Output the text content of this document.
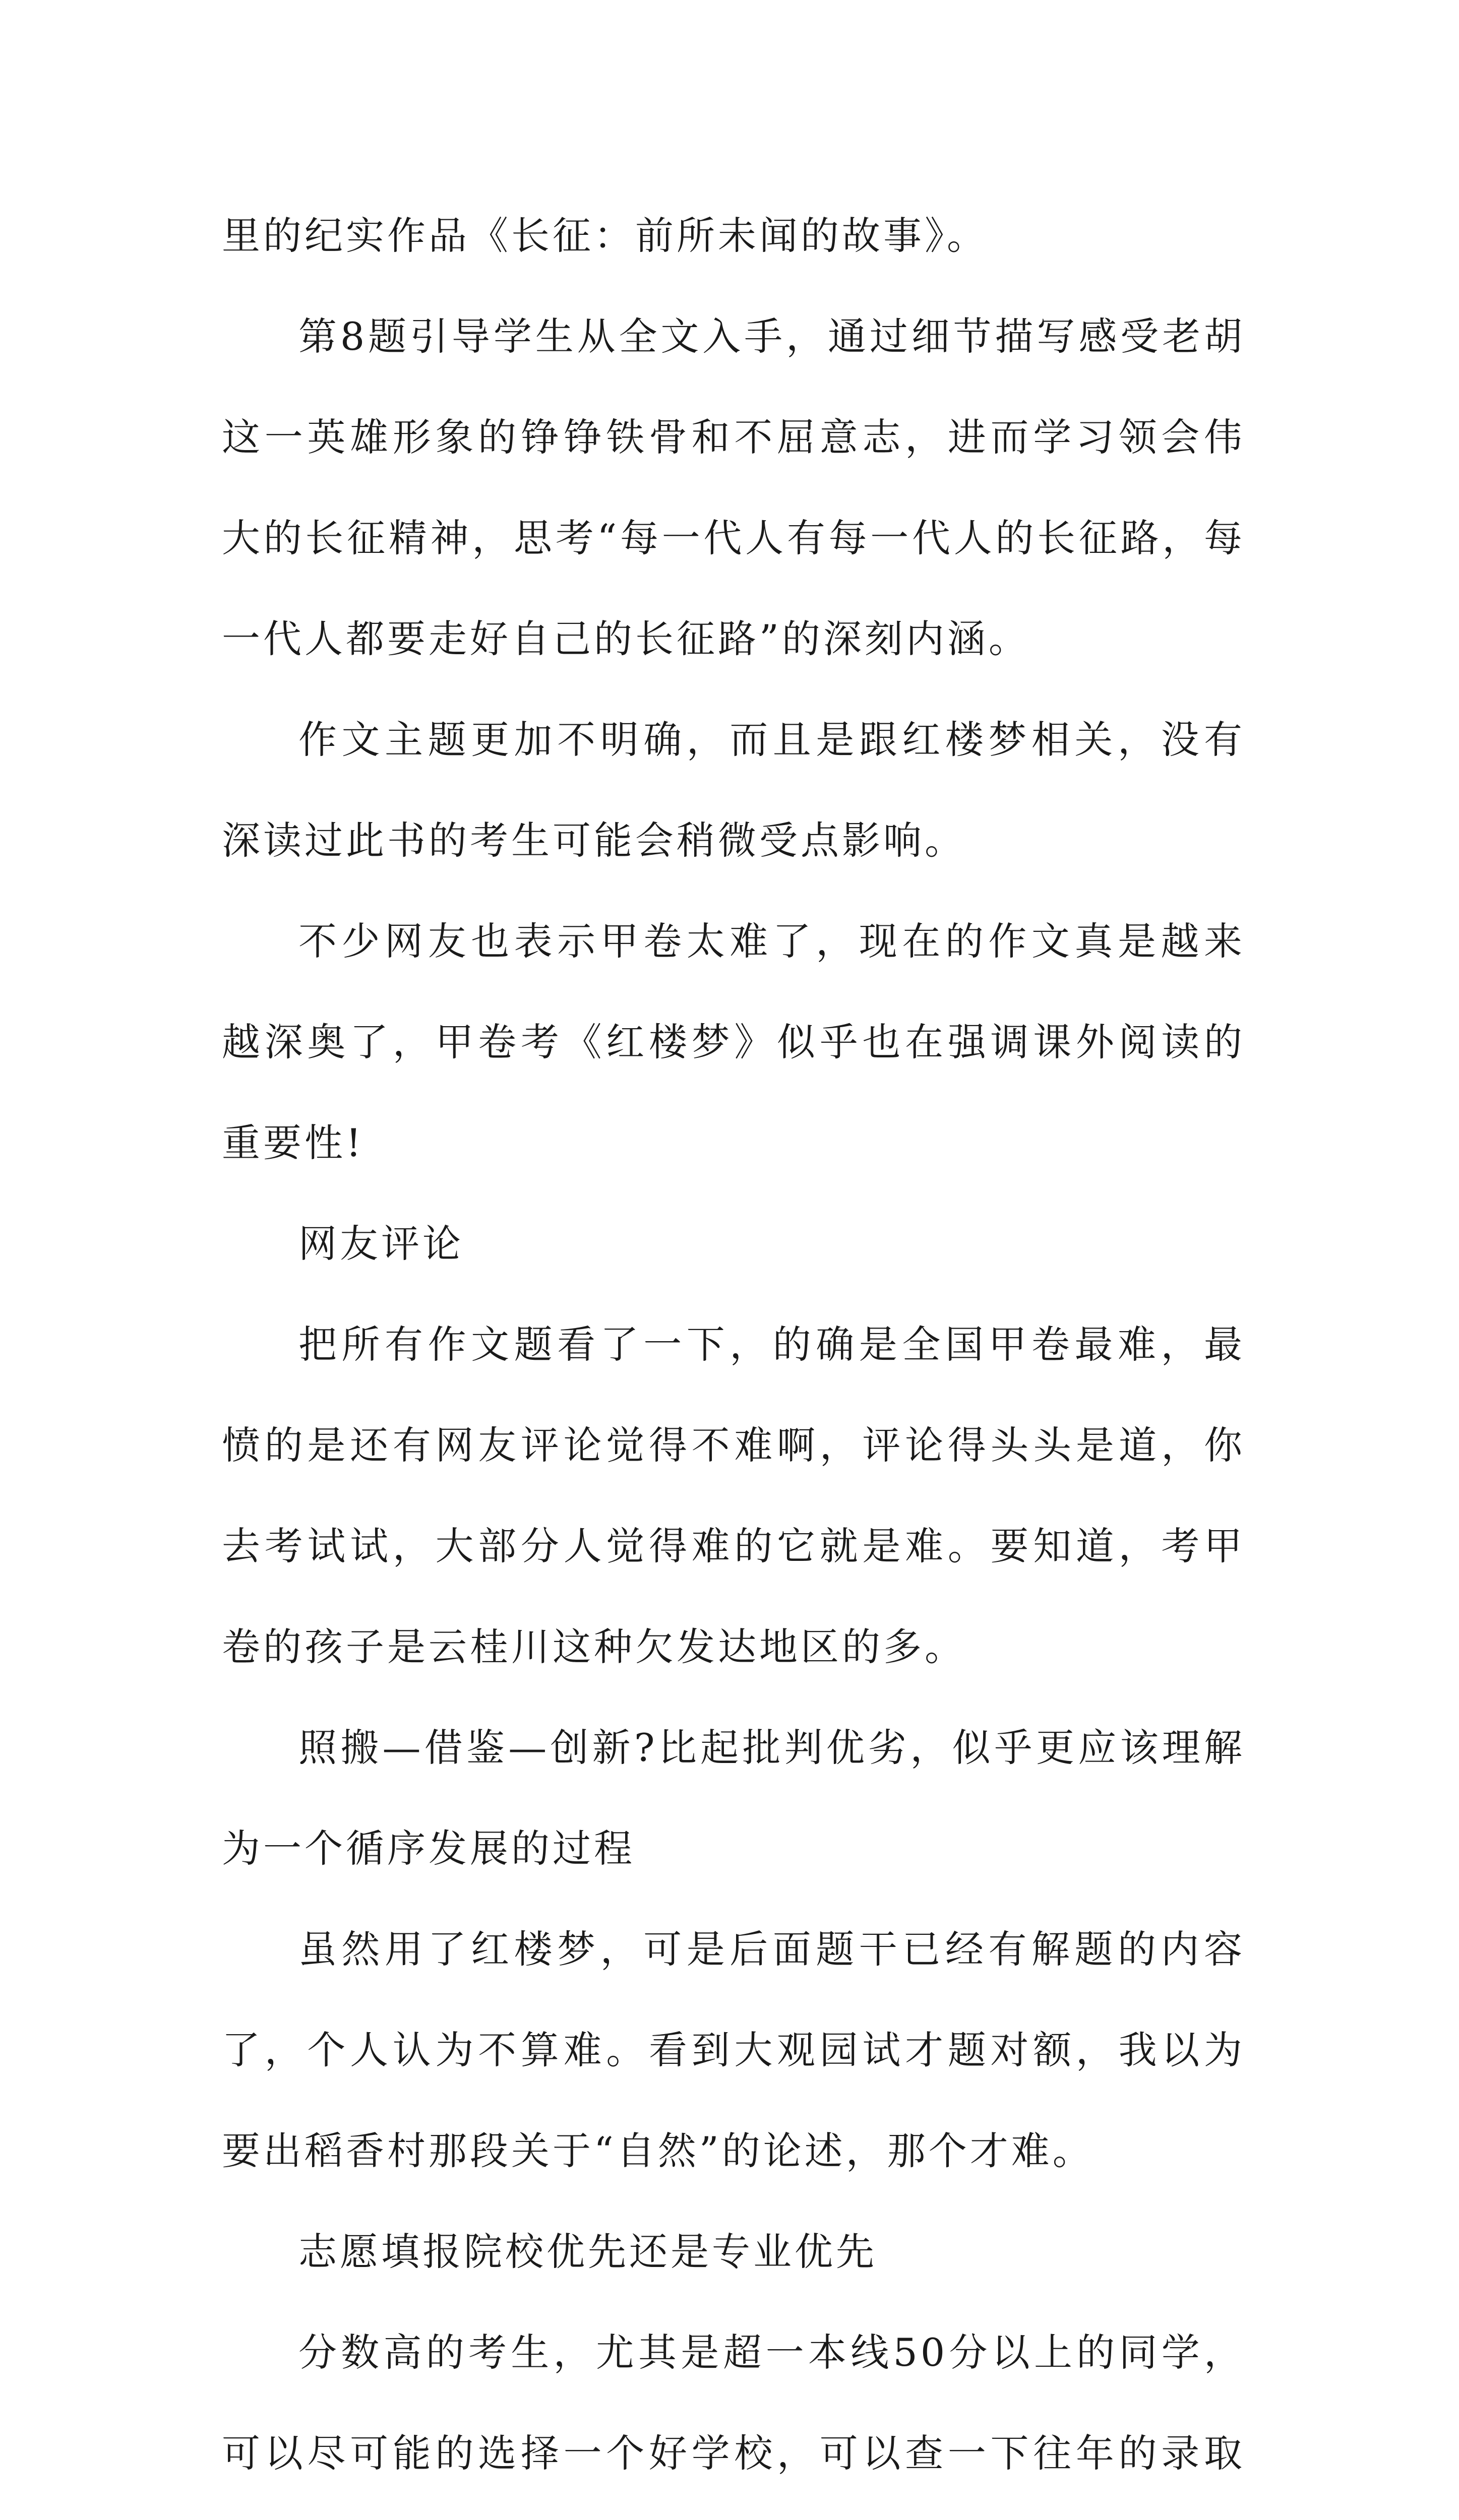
里的纪实作品《长征：前所未闻的故事》。

第8题引导学生从全文入手，通过细节描写感受老胡这一英雄形象的铮铮铁骨和不屈意志，进而学习领会伟大的长征精神，思考“每一代人有每一代人的长征路，每一代人都要走好自己的长征路”的深刻内涵。

作文主题更加不明确，而且是跟红楼梦相关，没有深读过此书的考生可能会稍微受点影响。

不少网友也表示甲卷太难了，现在的作文真是越来越深奥了，甲卷考《红楼梦》似乎也在强调课外阅读的重要性!

网友评论

把所有作文题看了一下，的确是全国甲卷最难，最愤的是还有网友评论觉得不难啊，评论得头头是道，你去考试试，大部分人觉得难的它就是难。要知道，考甲卷的孩子是云桂川这种欠发达地区的多。

照搬—借鉴—创新?比起批判优劣，似乎更应该理解为一个循序发展的过程

虽然用了红楼梦，可是后面题干已经有解题的内容了，个人认为不算难。看到大观园试才题对额，我以为要出稻香村那段关于“自然”的论述，那个才难。

志愿填报院校优先还是专业优先

分数高的考生，尤其是超一本线50分以上的同学，可以尽可能的选择一个好学校，可以查一下往年的录取
